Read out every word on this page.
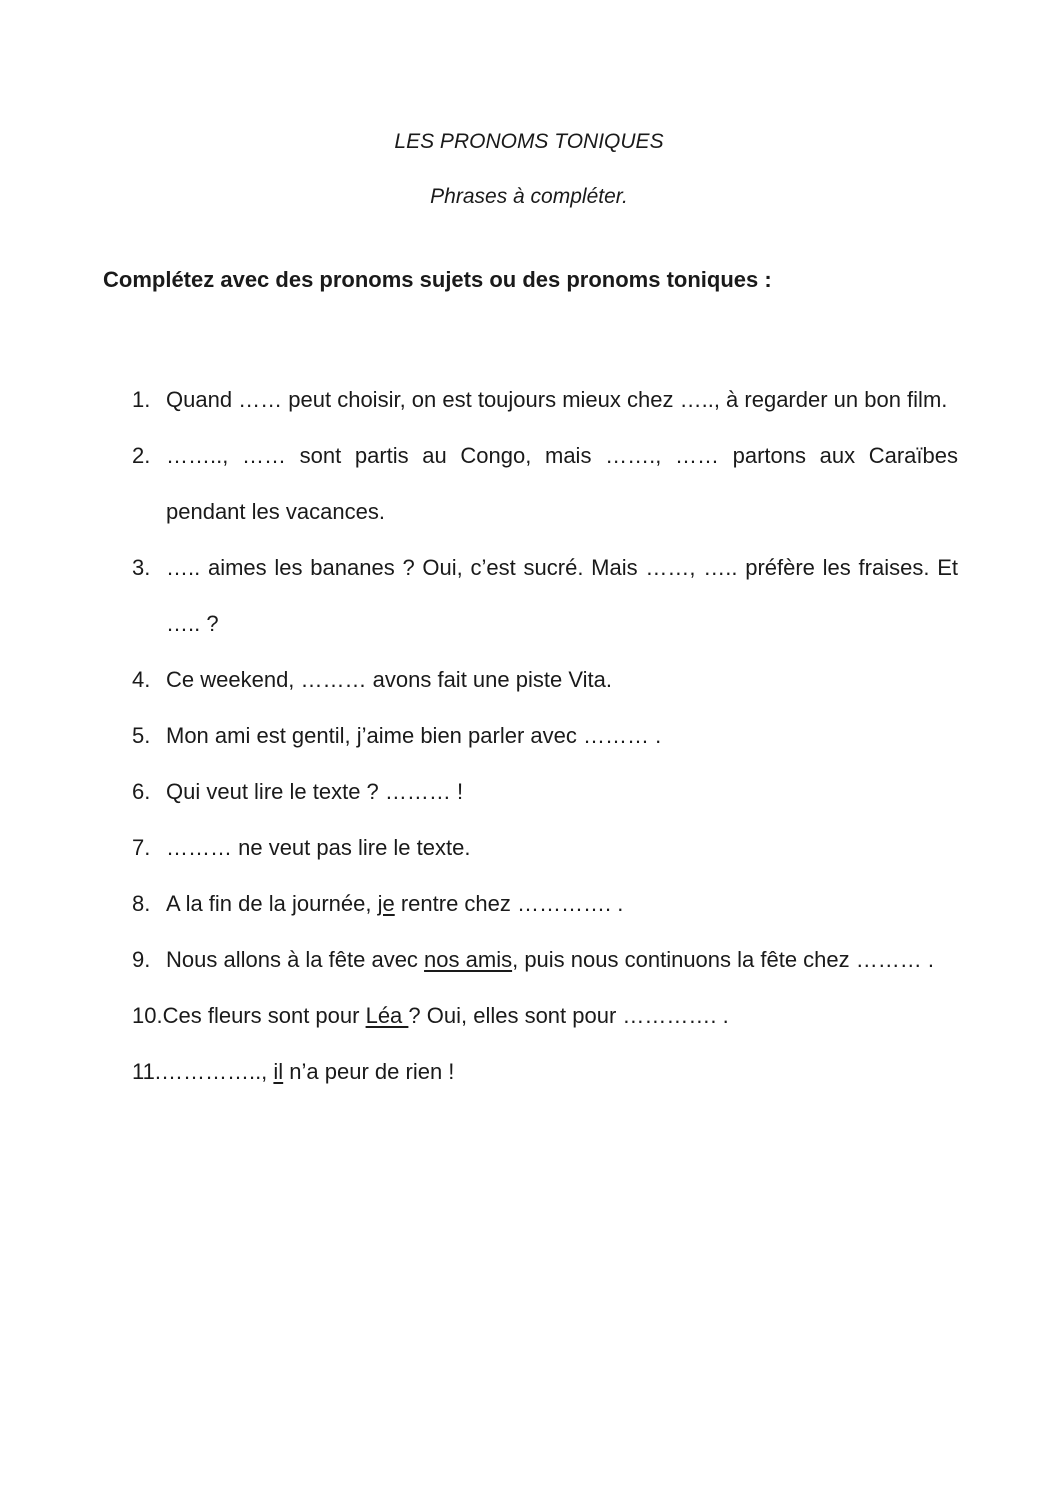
LES PRONOMS TONIQUES
Phrases à compléter.
Complétez avec des pronoms sujets ou des pronoms toniques :
1. Quand …… peut choisir, on est toujours mieux chez ….., à regarder un bon film.
2. …….., …… sont partis au Congo, mais ……., …… partons aux Caraïbes pendant les vacances.
3. ….. aimes les bananes ? Oui, c’est sucré. Mais ……, ….. préfère les fraises. Et ….. ?
4. Ce weekend, ……… avons fait une piste Vita.
5. Mon ami est gentil, j’aime bien parler avec ……… .
6. Qui veut lire le texte ? ……… !
7. ……… ne veut pas lire le texte.
8. A la fin de la journée, je rentre chez …………. .
9. Nous allons à la fête avec nos amis, puis nous continuons la fête chez ……… .
10.Ces fleurs sont pour Léa ? Oui, elles sont pour …………. .
11.………….., il n’a peur de rien !
